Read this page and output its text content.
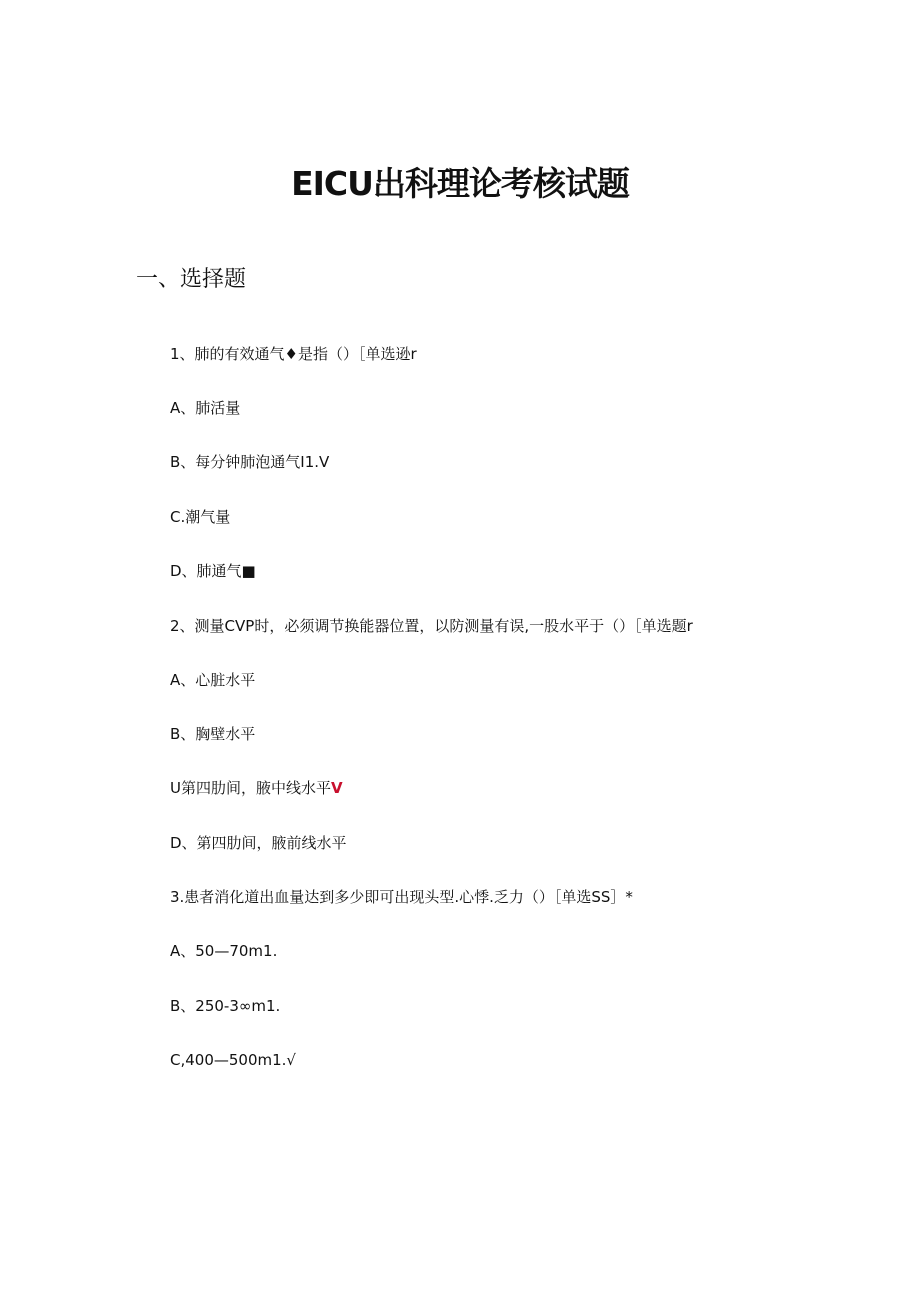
EICU出科理论考核试题
一、选择题
1、肺的有效通气♦是指（）［单选逊r
A、肺活量
B、每分钟肺泡通气I1.V
C.潮气量
D、肺通气■
2、测量CVP时，必须调节换能器位置，以防测量有误,一股水平于（）［单选题r
A、心脏水平
B、胸壁水平
U第四肋间，腋中线水平V
D、第四肋间，腋前线水平
3.患者消化道出血量达到多少即可出现头型.心悸.乏力（）［单选SS］*
A、50—70m1.
B、250-3∞m1.
C,400—500m1.√
